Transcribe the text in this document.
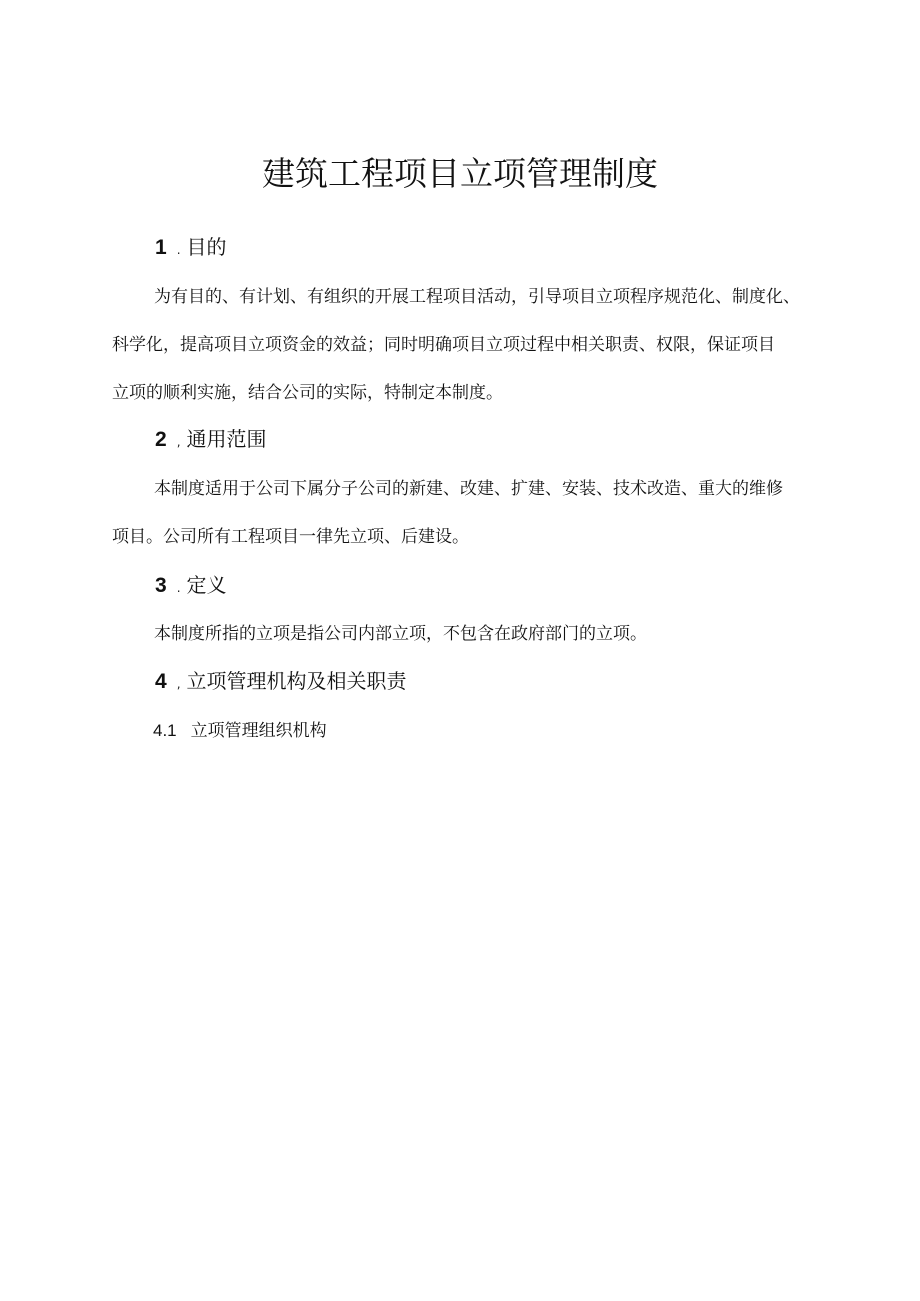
建筑工程项目立项管理制度
1 . 目的
为有目的、有计划、有组织的开展工程项目活动，引导项目立项程序规范化、制度化、
科学化，提高项目立项资金的效益；同时明确项目立项过程中相关职责、权限，保证项目
立项的顺利实施，结合公司的实际，特制定本制度。
2 , 通用范围
本制度适用于公司下属分子公司的新建、改建、扩建、安装、技术改造、重大的维修
项目。公司所有工程项目一律先立项、后建设。
3 . 定义
本制度所指的立项是指公司内部立项，不包含在政府部门的立项。
4 , 立项管理机构及相关职责
4.1 立项管理组织机构
